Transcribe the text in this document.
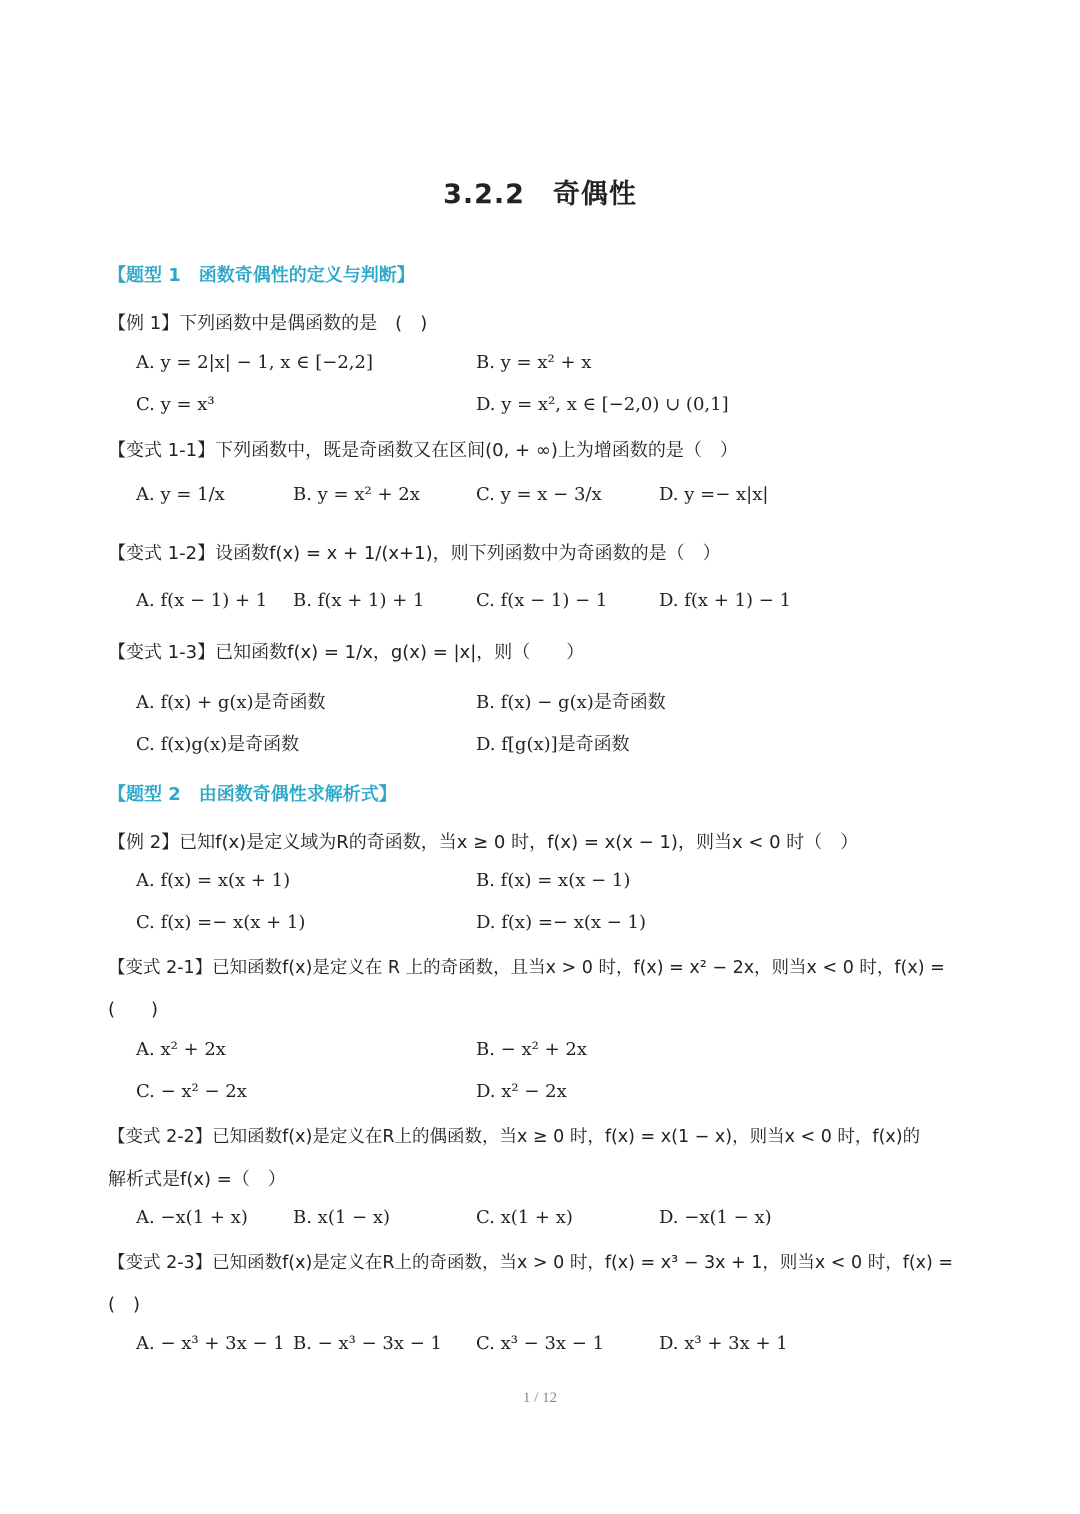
3.2.2　奇偶性
【题型 1　函数奇偶性的定义与判断】
【例 1】下列函数中是偶函数的是　(　)
A. y = 2|x| − 1, x ∈ [−2,2]	B. y = x² + x
C. y = x³	D. y = x², x ∈ [−2,0) ∪ (0,1]
【变式 1-1】下列函数中，既是奇函数又在区间(0, + ∞)上为增函数的是（　）
A. y = 1/x	B. y = x² + 2x	C. y = x − 3/x	D. y =− x|x|
【变式 1-2】设函数f(x) = x + 1/(x+1)，则下列函数中为奇函数的是（　）
A. f(x − 1) + 1 B. f(x + 1) + 1	C. f(x − 1) − 1	D. f(x + 1) − 1
【变式 1-3】已知函数f(x) = 1/x，g(x) = |x|，则（　　）
A. f(x) + g(x)是奇函数	B. f(x) − g(x)是奇函数
C. f(x)g(x)是奇函数	D. f[g(x)]是奇函数
【题型 2　由函数奇偶性求解析式】
【例 2】已知f(x)是定义域为R的奇函数，当x ≥ 0 时，f(x) = x(x − 1)，则当x < 0 时（　）
A. f(x) = x(x + 1)	B. f(x) = x(x − 1)
C. f(x) =− x(x + 1)	D. f(x) =− x(x − 1)
【变式 2-1】已知函数f(x)是定义在 R 上的奇函数，且当x > 0 时，f(x) = x² − 2x，则当x < 0 时，f(x) =
(　　)
A. x² + 2x	B. − x² + 2x
C. − x² − 2x	D. x² − 2x
【变式 2-2】已知函数f(x)是定义在R上的偶函数，当x ≥ 0 时，f(x) = x(1 − x)，则当x < 0 时，f(x)的
解析式是f(x) =（　）
A. −x(1 + x)	B. x(1 − x)	C. x(1 + x)	D. −x(1 − x)
【变式 2-3】已知函数f(x)是定义在R上的奇函数，当x > 0 时，f(x) = x³ − 3x + 1，则当x < 0 时，f(x) =
(　)
A. − x³ + 3x − 1 B. − x³ − 3x − 1 C. x³ − 3x − 1	D. x³ + 3x + 1
1 / 12
